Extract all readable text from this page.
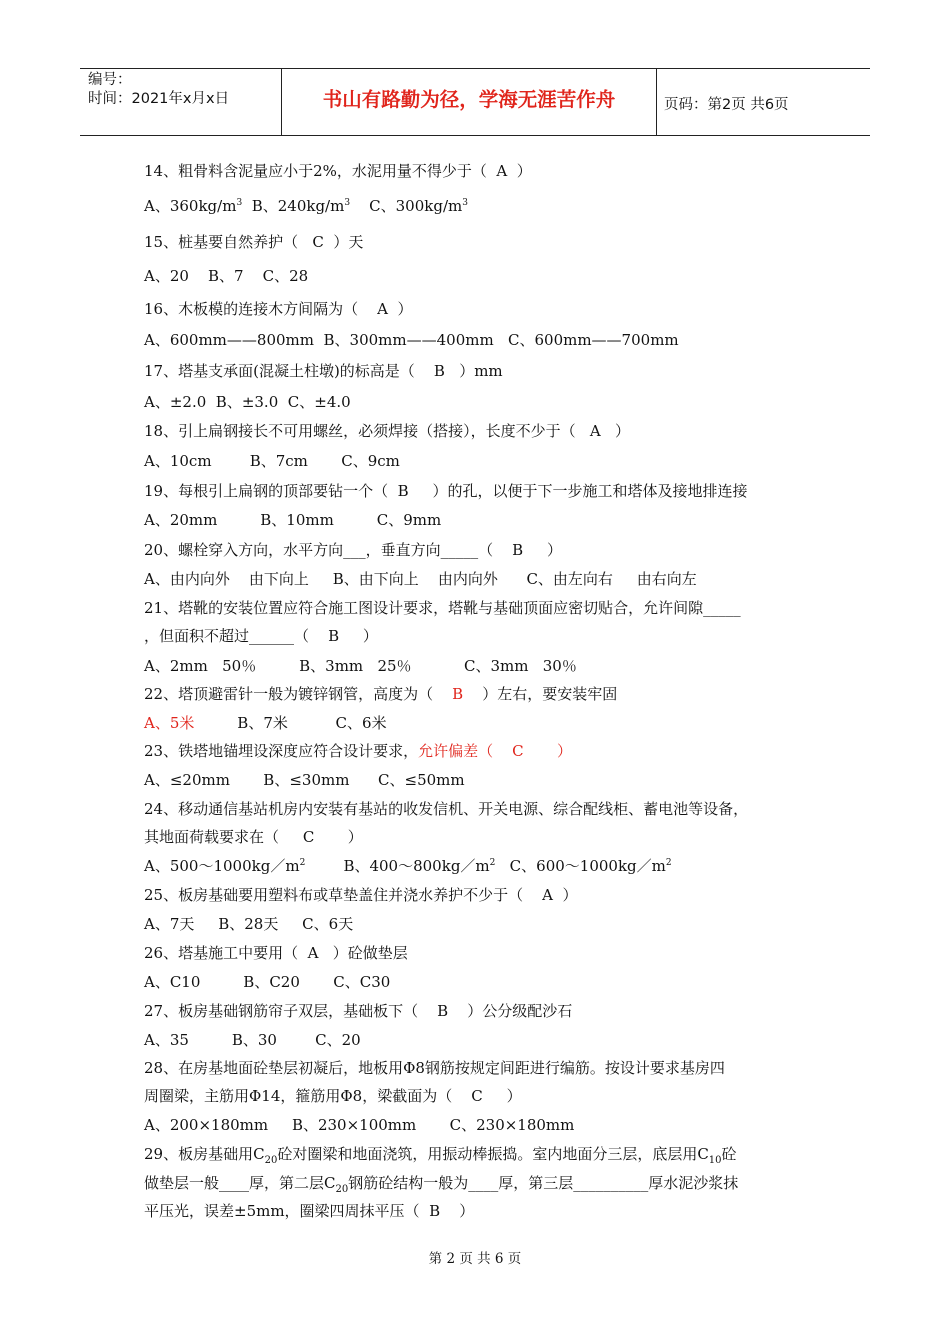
编号：
时间：2021年x月x日	书山有路勤为径，学海无涯苦作舟	页码：第2页 共6页
14、粗骨料含泥量应小于2%，水泥用量不得少于（  A  ）
A、$360kg/m^3$  B、$240kg/m^3$    C、$300kg/m^3$
15、桩基要自然养护（   C  ）天
A、20    B、7    C、28
16、木板模的连接木方间隔为（    A  ）
A、600mm——800mm  B、300mm——400mm   C、600mm——700mm
17、塔基支承面(混凝土柱墩)的标高是（    B   ）mm
A、±2.0  B、±3.0  C、±4.0
18、引上扁钢接长不可用螺丝，必须焊接（搭接），长度不少于（   A   ）
A、10cm        B、7cm       C、9cm
19、每根引上扁钢的顶部要钻一个（  B     ）的孔，以便于下一步施工和塔体及接地排连接
A、20mm         B、10mm         C、9mm
20、螺栓穿入方向，水平方向___，垂直方向_____（    B     ）
A、由内向外    由下向上     B、由下向上    由内向外      C、由左向右     由右向左
21、塔靴的安装位置应符合施工图设计要求，塔靴与基础顶面应密切贴合，允许间隙_____
，但面积不超过______（    B     ）
A、2mm   50％         B、3mm   25％           C、3mm   30％
22、塔顶避雷针一般为镀锌钢管，高度为（    B    ）左右，要安装牢固
A、5米         B、7米          C、6米
23、铁塔地锚埋设深度应符合设计要求，允许偏差（    C       ）
A、≤20mm       B、≤30mm      C、≤50mm
24、移动通信基站机房内安装有基站的收发信机、开关电源、综合配线柜、蓄电池等设备，
其地面荷载要求在（     C       ）
A、$500\sim 1000kg/m^2$        B、$400\sim 800kg/m^2$   C、$600\sim 1000kg/m^2$
25、板房基础要用塑料布或草垫盖住并浇水养护不少于（    A  ）
A、7天     B、28天     C、6天
26、塔基施工中要用（  A   ）砼做垫层
A、C10         B、C20       C、C30
27、板房基础钢筋帘子双层，基础板下（    B    ）公分级配沙石
A、35         B、30        C、20
28、在房基地面砼垫层初凝后，地板用Φ8钢筋按规定间距进行编筋。按设计要求基房四
周圈梁，主筋用Φ14，箍筋用Φ8，梁截面为（    C     ）
A、200×180mm     B、230×100mm       C、230×180mm
29、板房基础用$C_{20}$砼对圈梁和地面浇筑，用振动棒振捣。室内地面分三层，底层用$C_{10}$砼
做垫层一般____厚，第二层$C_{20}$钢筋砼结构一般为____厚，第三层__________厚水泥沙浆抹
平压光，误差±5mm，圈梁四周抹平压（  B    ）
第 2 页 共 6 页
